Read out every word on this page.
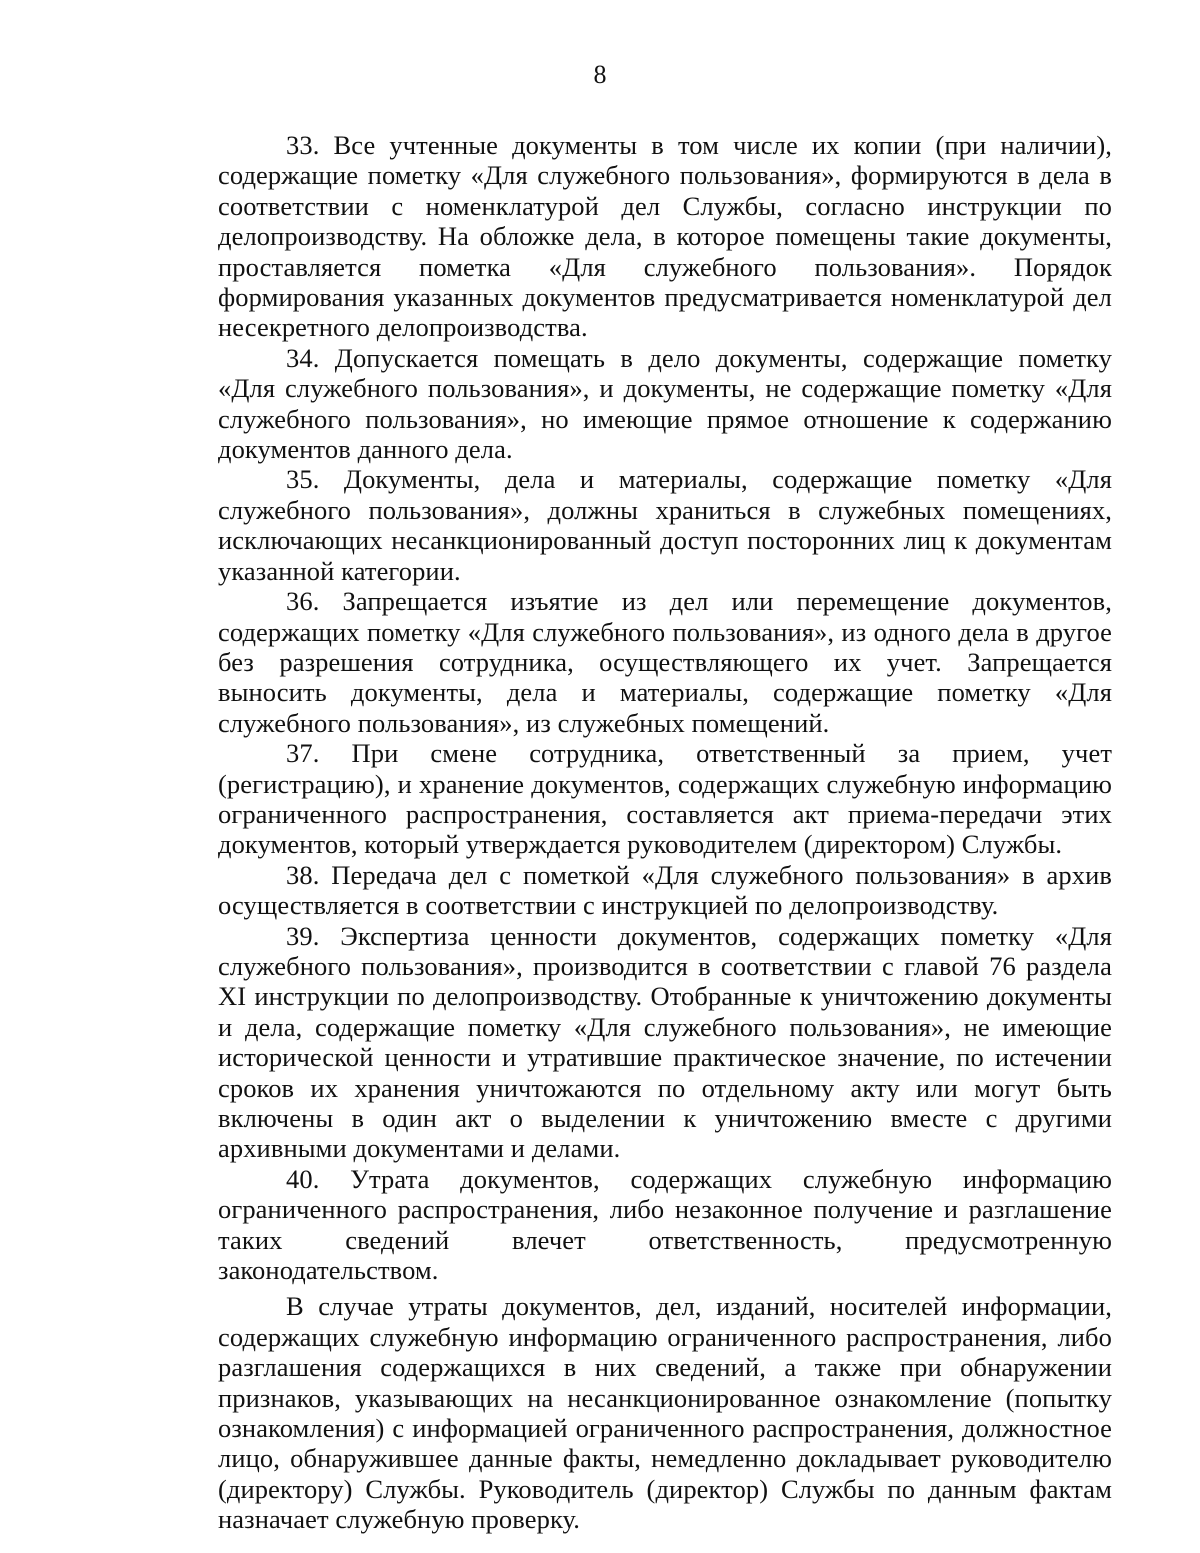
8

33. Все учтенные документы в том числе их копии (при наличии), содержащие пометку «Для служебного пользования», формируются в дела в соответствии с номенклатурой дел Службы, согласно инструкции по делопроизводству. На обложке дела, в которое помещены такие документы, проставляется пометка «Для служебного пользования». Порядок формирования указанных документов предусматривается номенклатурой дел несекретного делопроизводства.

34. Допускается помещать в дело документы, содержащие пометку «Для служебного пользования», и документы, не содержащие пометку «Для служебного пользования», но имеющие прямое отношение к содержанию документов данного дела.

35. Документы, дела и материалы, содержащие пометку «Для служебного пользования», должны храниться в служебных помещениях, исключающих несанкционированный доступ посторонних лиц к документам указанной категории.

36. Запрещается изъятие из дел или перемещение документов, содержащих пометку «Для служебного пользования», из одного дела в другое без разрешения сотрудника, осуществляющего их учет. Запрещается выносить документы, дела и материалы, содержащие пометку «Для служебного пользования», из служебных помещений.

37. При смене сотрудника, ответственный за прием, учет (регистрацию), и хранение документов, содержащих служебную информацию ограниченного распространения, составляется акт приема-передачи этих документов, который утверждается руководителем (директором) Службы.

38. Передача дел с пометкой «Для служебного пользования» в архив осуществляется в соответствии с инструкцией по делопроизводству.

39. Экспертиза ценности документов, содержащих пометку «Для служебного пользования», производится в соответствии с главой 76 раздела XI инструкции по делопроизводству. Отобранные к уничтожению документы и дела, содержащие пометку «Для служебного пользования», не имеющие исторической ценности и утратившие практическое значение, по истечении сроков их хранения уничтожаются по отдельному акту или могут быть включены в один акт о выделении к уничтожению вместе с другими архивными документами и делами.

40. Утрата документов, содержащих служебную информацию ограниченного распространения, либо незаконное получение и разглашение таких сведений влечет ответственность, предусмотренную законодательством.

В случае утраты документов, дел, изданий, носителей информации, содержащих служебную информацию ограниченного распространения, либо разглашения содержащихся в них сведений, а также при обнаружении признаков, указывающих на несанкционированное ознакомление (попытку ознакомления) с информацией ограниченного распространения, должностное лицо, обнаружившее данные факты, немедленно докладывает руководителю (директору) Службы. Руководитель (директор) Службы по данным фактам назначает служебную проверку.
